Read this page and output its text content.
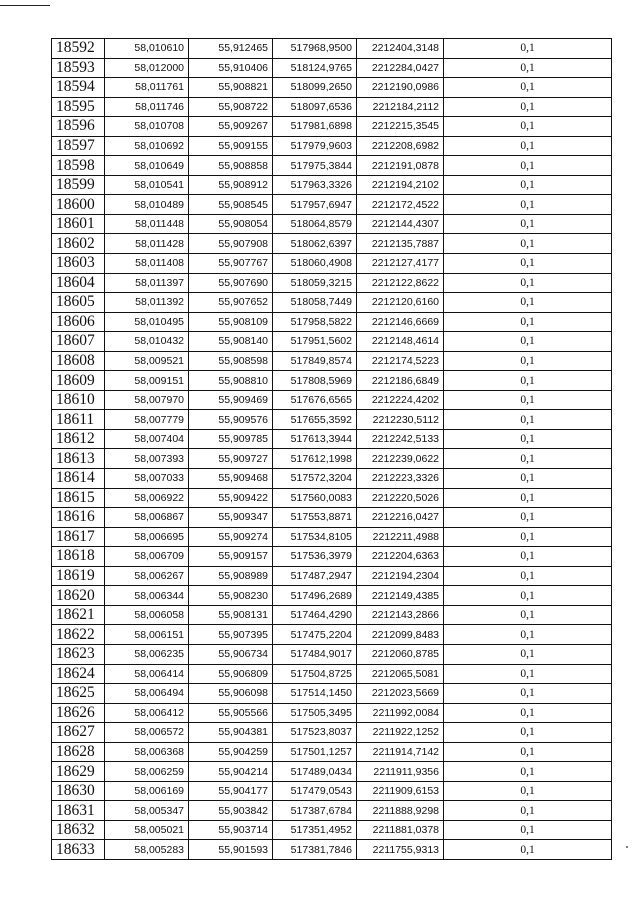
18592	58,010610	55,912465	517968,9500	2212404,3148	0,1
18593	58,012000	55,910406	518124,9765	2212284,0427	0,1
18594	58,011761	55,908821	518099,2650	2212190,0986	0,1
18595	58,011746	55,908722	518097,6536	2212184,2112	0,1
18596	58,010708	55,909267	517981,6898	2212215,3545	0,1
18597	58,010692	55,909155	517979,9603	2212208,6982	0,1
18598	58,010649	55,908858	517975,3844	2212191,0878	0,1
18599	58,010541	55,908912	517963,3326	2212194,2102	0,1
18600	58,010489	55,908545	517957,6947	2212172,4522	0,1
18601	58,011448	55,908054	518064,8579	2212144,4307	0,1
18602	58,011428	55,907908	518062,6397	2212135,7887	0,1
18603	58,011408	55,907767	518060,4908	2212127,4177	0,1
18604	58,011397	55,907690	518059,3215	2212122,8622	0,1
18605	58,011392	55,907652	518058,7449	2212120,6160	0,1
18606	58,010495	55,908109	517958,5822	2212146,6669	0,1
18607	58,010432	55,908140	517951,5602	2212148,4614	0,1
18608	58,009521	55,908598	517849,8574	2212174,5223	0,1
18609	58,009151	55,908810	517808,5969	2212186,6849	0,1
18610	58,007970	55,909469	517676,6565	2212224,4202	0,1
18611	58,007779	55,909576	517655,3592	2212230,5112	0,1
18612	58,007404	55,909785	517613,3944	2212242,5133	0,1
18613	58,007393	55,909727	517612,1998	2212239,0622	0,1
18614	58,007033	55,909468	517572,3204	2212223,3326	0,1
18615	58,006922	55,909422	517560,0083	2212220,5026	0,1
18616	58,006867	55,909347	517553,8871	2212216,0427	0,1
18617	58,006695	55,909274	517534,8105	2212211,4988	0,1
18618	58,006709	55,909157	517536,3979	2212204,6363	0,1
18619	58,006267	55,908989	517487,2947	2212194,2304	0,1
18620	58,006344	55,908230	517496,2689	2212149,4385	0,1
18621	58,006058	55,908131	517464,4290	2212143,2866	0,1
18622	58,006151	55,907395	517475,2204	2212099,8483	0,1
18623	58,006235	55,906734	517484,9017	2212060,8785	0,1
18624	58,006414	55,906809	517504,8725	2212065,5081	0,1
18625	58,006494	55,906098	517514,1450	2212023,5669	0,1
18626	58,006412	55,905566	517505,3495	2211992,0084	0,1
18627	58,006572	55,904381	517523,8037	2211922,1252	0,1
18628	58,006368	55,904259	517501,1257	2211914,7142	0,1
18629	58,006259	55,904214	517489,0434	2211911,9356	0,1
18630	58,006169	55,904177	517479,0543	2211909,6153	0,1
18631	58,005347	55,903842	517387,6784	2211888,9298	0,1
18632	58,005021	55,903714	517351,4952	2211881,0378	0,1
18633	58,005283	55,901593	517381,7846	2211755,9313	0,1
